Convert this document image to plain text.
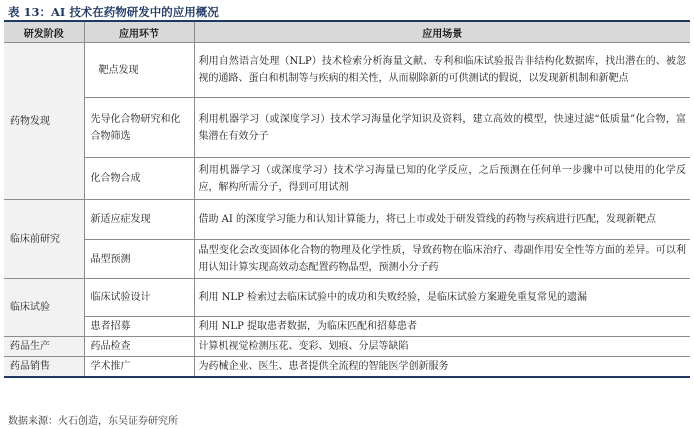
表 13：AI 技术在药物研发中的应用概况
研发阶段	应用环节	应用场景
药物发现	靶点发现	利用自然语言处理（NLP）技术检索分析海量文献、专利和临床试验报告非结构化数据库，找出潜在的、被忽视的通路、蛋白和机制等与疾病的相关性，从而剔除新的可供测试的假说，以发现新机制和新靶点
	先导化合物研究和化合物筛选	利用机器学习（或深度学习）技术学习海量化学知识及资料，建立高效的模型，快速过滤“低质量”化合物，富集潜在有效分子
	化合物合成	利用机器学习（或深度学习）技术学习海量已知的化学反应，之后预测在任何单一步骤中可以使用的化学反应，解构所需分子，得到可用试剂
临床前研究	新适应症发现	借助 AI 的深度学习能力和认知计算能力，将已上市或处于研发管线的药物与疾病进行匹配，发现新靶点
	晶型预测	晶型变化会改变固体化合物的物理及化学性质，导致药物在临床治疗、毒副作用安全性等方面的差异。可以利用认知计算实现高效动态配置药物晶型，预测小分子药
临床试验	临床试验设计	利用 NLP 检索过去临床试验中的成功和失败经验，是临床试验方案避免重复常见的遗漏
	患者招募	利用 NLP 提取患者数据，为临床匹配和招募患者
药品生产	药品检查	计算机视觉检测压花、变彩、划痕、分层等缺陷
药品销售	学术推广	为药械企业、医生、患者提供全流程的智能医学创新服务
数据来源：火石创造，东吴证券研究所
